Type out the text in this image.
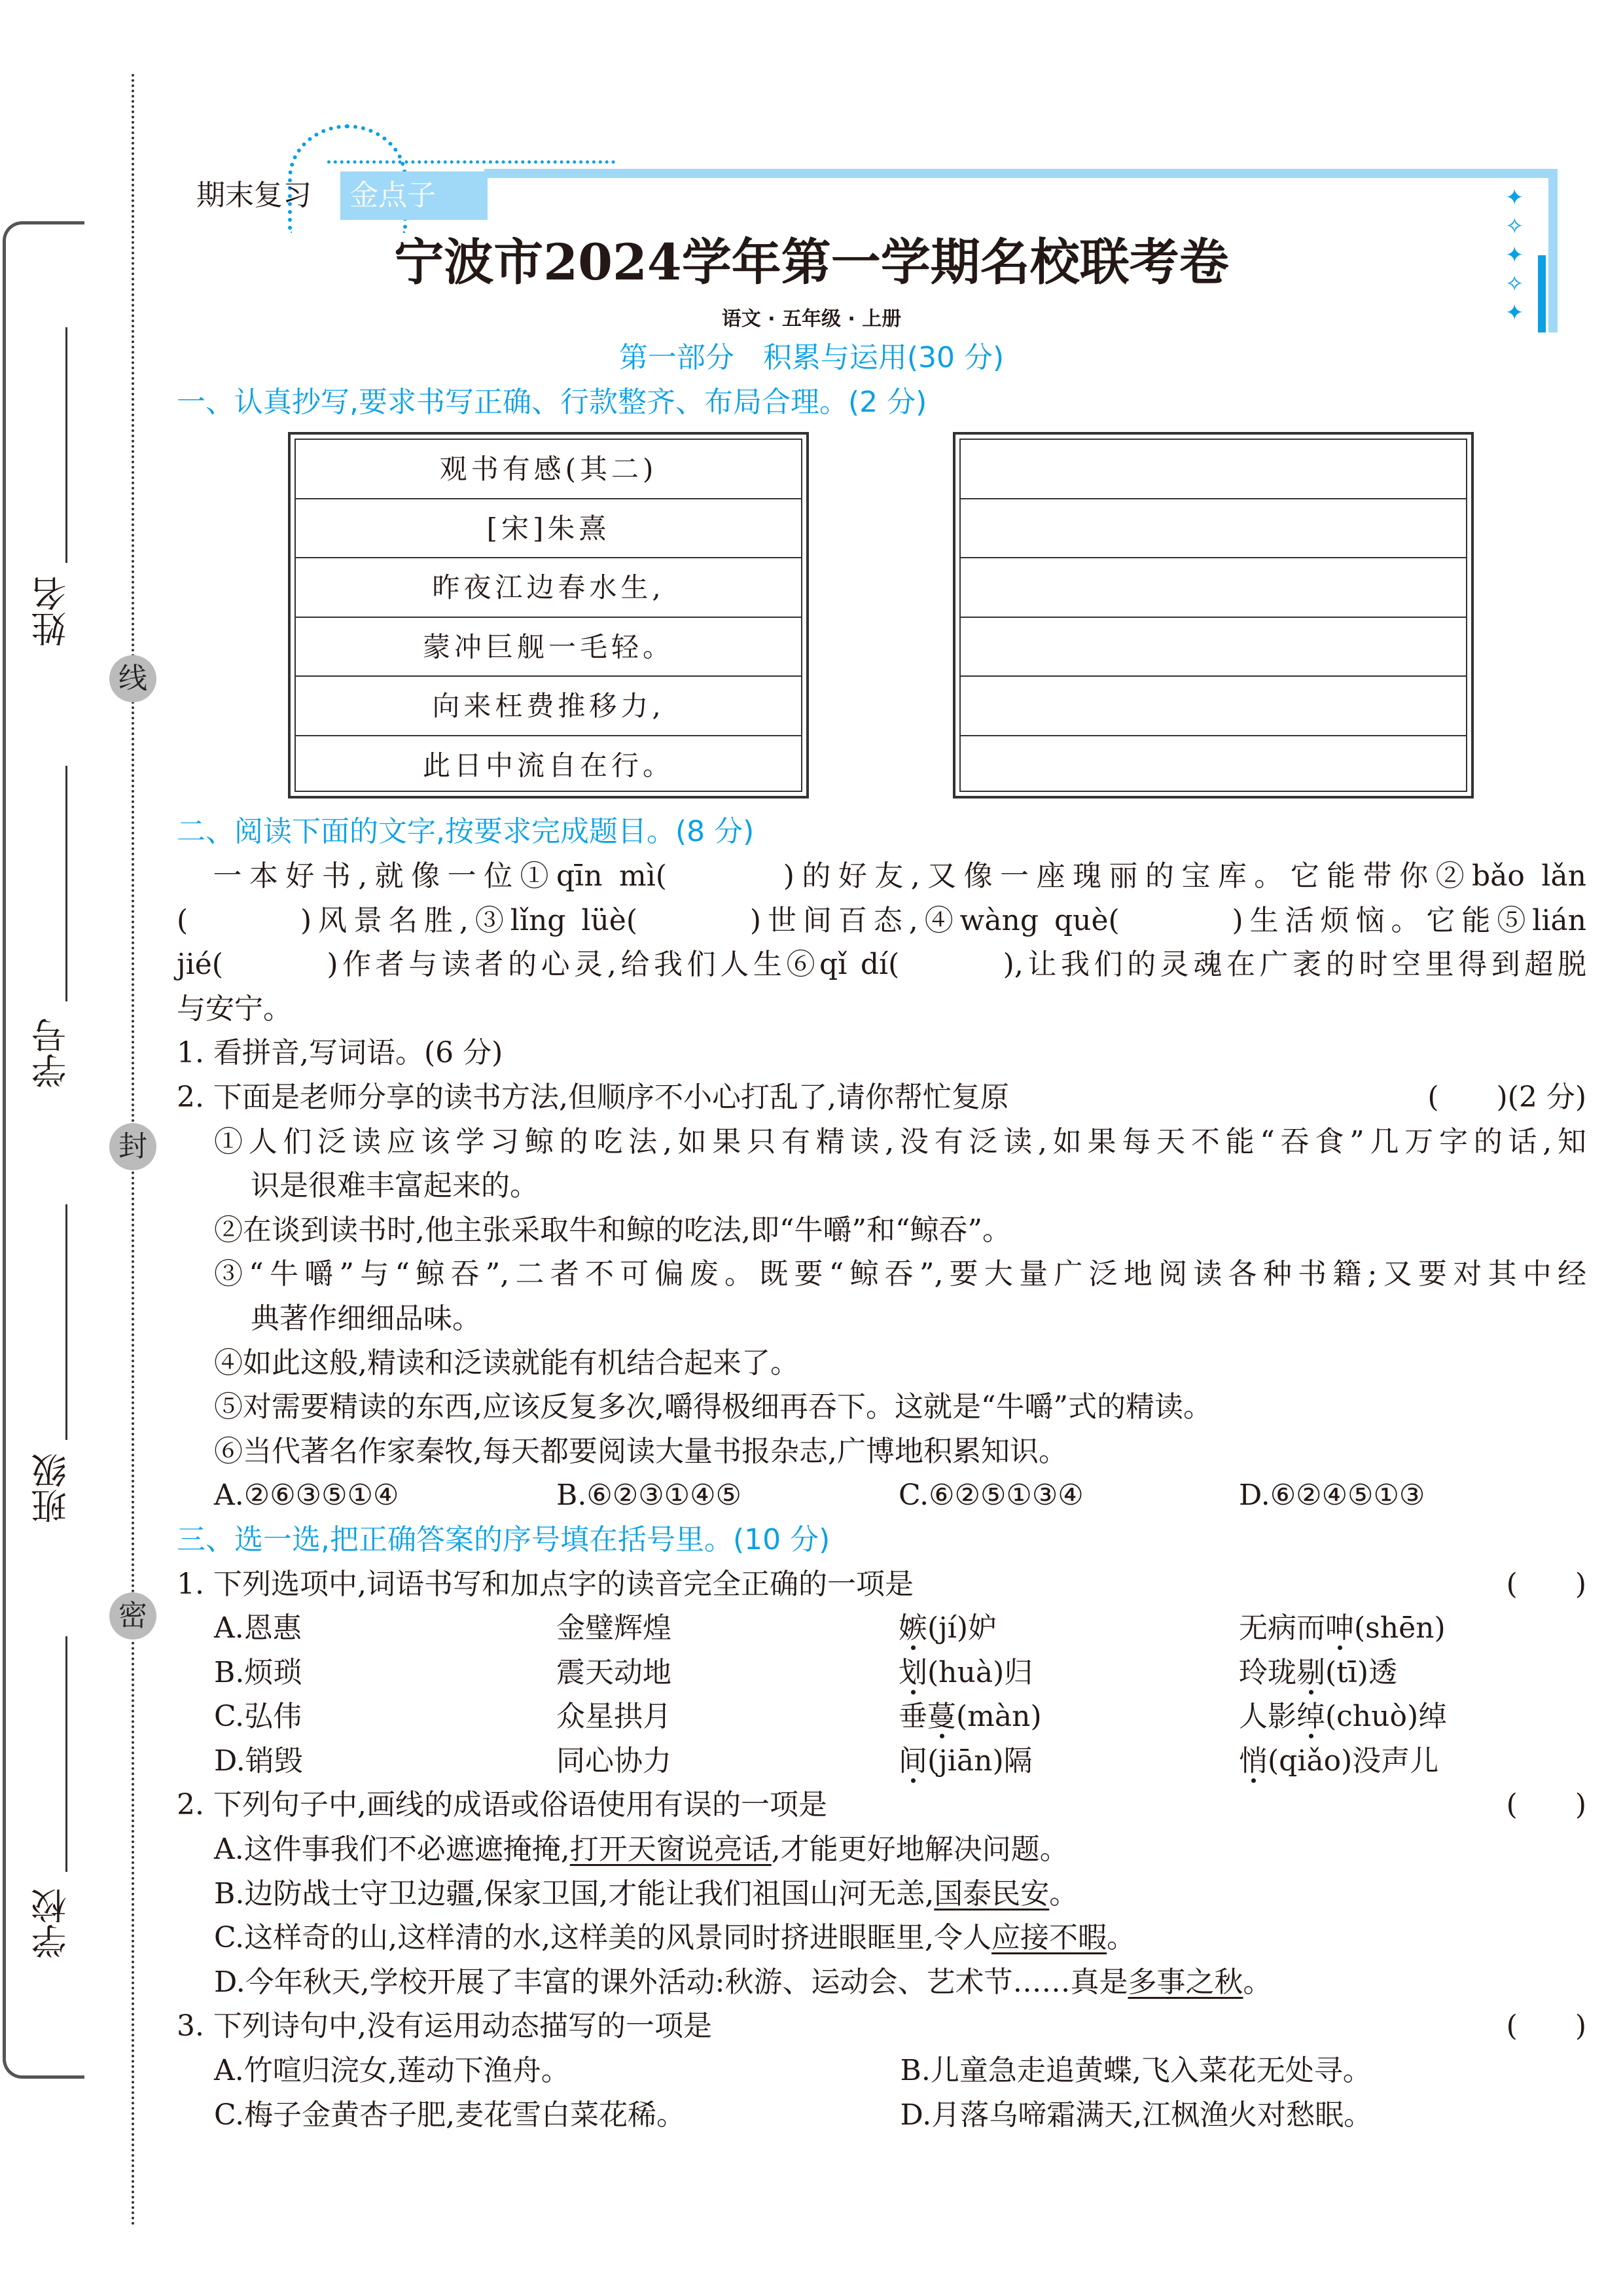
姓名
学号
班级
学校
线
封
密
期末复习	金点子	✦✧✦✧✦
宁波市2024学年第一学期名校联考卷
语文 · 五年级 · 上册
第一部分　积累与运用(30 分)
一、认真抄写,要求书写正确、行款整齐、布局合理。(2 分)
观书有感(其二)
[宋]朱熹
昨夜江边春水生,
蒙冲巨舰一毛轻。
向来枉费推移力,
此日中流自在行。
二、阅读下面的文字,按要求完成题目。(8 分)
　一本好书,就像一位①qīn mì(　　　)的好友,又像一座瑰丽的宝库。它能带你②bǎo lǎn
(　　　)风景名胜,③lǐng lüè(　　　)世间百态,④wàng què(　　　)生活烦恼。它能⑤lián
jié(　　　)作者与读者的心灵,给我们人生⑥qǐ dí(　　　),让我们的灵魂在广袤的时空里得到超脱
与安宁。
1. 看拼音,写词语。(6 分)
2. 下面是老师分享的读书方法,但顺序不小心打乱了,请你帮忙复原	(　　)(2 分)
①人们泛读应该学习鲸的吃法,如果只有精读,没有泛读,如果每天不能“吞食”几万字的话,知
识是很难丰富起来的。
②在谈到读书时,他主张采取牛和鲸的吃法,即“牛嚼”和“鲸吞”。
③“牛嚼”与“鲸吞”,二者不可偏废。既要“鲸吞”,要大量广泛地阅读各种书籍;又要对其中经
典著作细细品味。
④如此这般,精读和泛读就能有机结合起来了。
⑤对需要精读的东西,应该反复多次,嚼得极细再吞下。这就是“牛嚼”式的精读。
⑥当代著名作家秦牧,每天都要阅读大量书报杂志,广博地积累知识。
A.②⑥③⑤①④	B.⑥②③①④⑤	C.⑥②⑤①③④	D.⑥②④⑤①③
三、选一选,把正确答案的序号填在括号里。(10 分)
1. 下列选项中,词语书写和加点字的读音完全正确的一项是	(　　)
A.恩惠	金璧辉煌	嫉(jí)妒	无病而呻(shēn)
B.烦琐	震天动地	划(huà)归	玲珑剔(tī)透
C.弘伟	众星拱月	垂蔓(màn)	人影绰(chuò)绰
D.销毁	同心协力	间(jiān)隔	悄(qiǎo)没声儿
2. 下列句子中,画线的成语或俗语使用有误的一项是	(　　)
A.这件事我们不必遮遮掩掩,打开天窗说亮话,才能更好地解决问题。
B.边防战士守卫边疆,保家卫国,才能让我们祖国山河无恙,国泰民安。
C.这样奇的山,这样清的水,这样美的风景同时挤进眼眶里,令人应接不暇。
D.今年秋天,学校开展了丰富的课外活动:秋游、运动会、艺术节……真是多事之秋。
3. 下列诗句中,没有运用动态描写的一项是	(　　)
A.竹喧归浣女,莲动下渔舟。	B.儿童急走追黄蝶,飞入菜花无处寻。
C.梅子金黄杏子肥,麦花雪白菜花稀。	D.月落乌啼霜满天,江枫渔火对愁眠。
